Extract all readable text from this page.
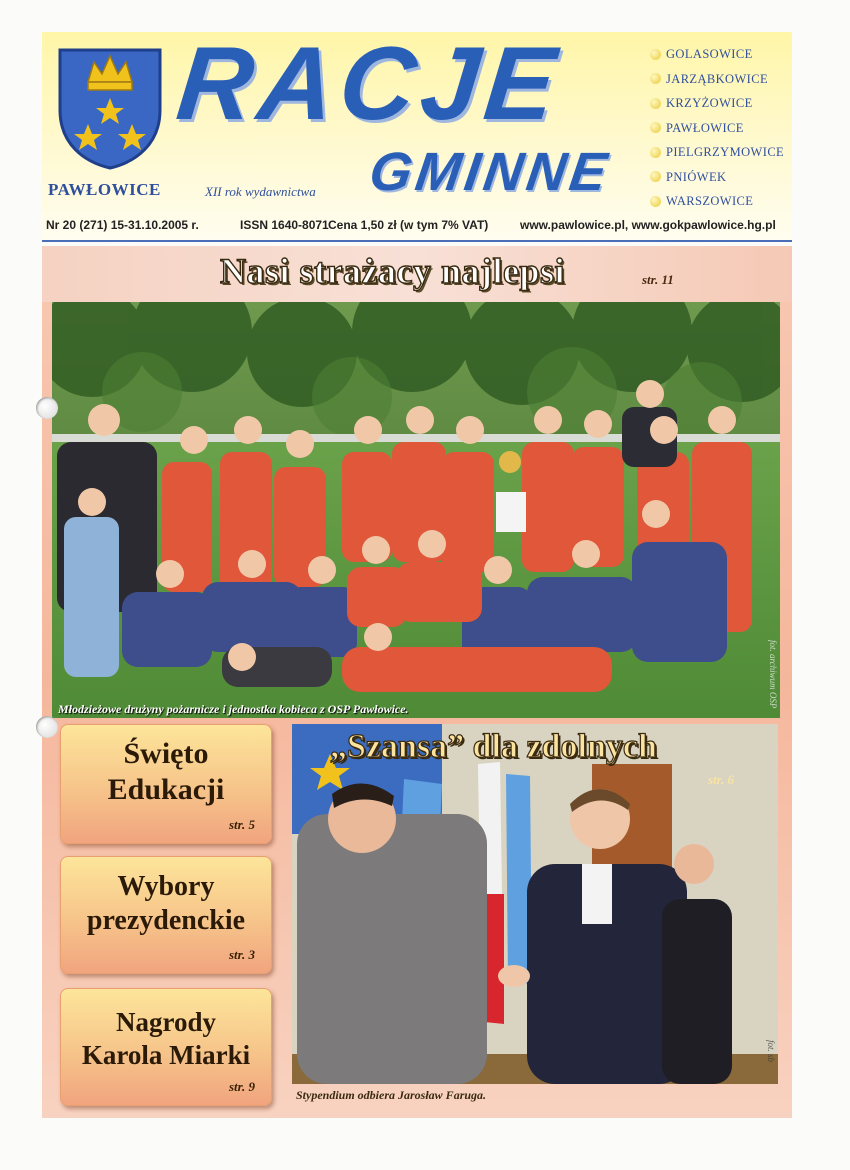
RACJE
GMINNE
PAWŁOWICE	XII rok wydawnictwa
GOLASOWICE
JARZĄBKOWICE
KRZYŻOWICE
PAWŁOWICE
PIELGRZYMOWICE
PNIÓWEK
WARSZOWICE
Nr 20 (271) 15-31.10.2005 r.	ISSN 1640-8071 Cena 1,50 zł (w tym 7% VAT)	www.pawlowice.pl, www.gokpawlowice.hg.pl
Nasi strażacy najlepsi	str. 11
Młodzieżowe drużyny pożarnicze i jednostka kobieca z OSP Pawłowice.
fot. archiwum OSP
Święto
Edukacji
str. 5
Wybory
prezydenckie
str. 3
Nagrody
Karola Miarki
str. 9
„Szansa” dla zdolnych
str. 6
Stypendium odbiera Jarosław Faruga.
fot. sb
